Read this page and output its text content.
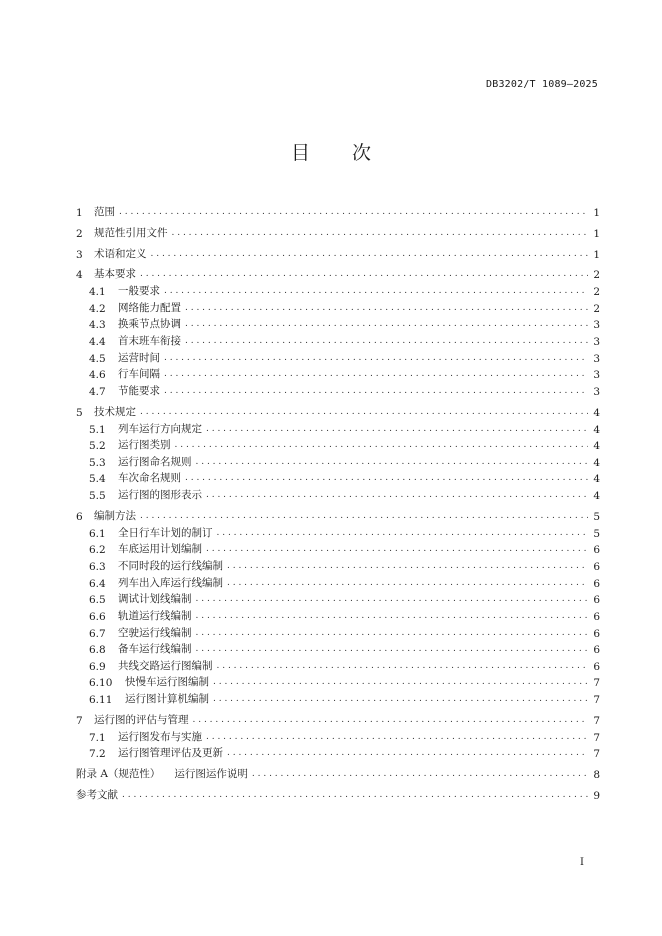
DB3202/T 1089—2025
目 次
1	范围 . . .	1
2	规范性引用文件 . . .	1
3	术语和定义 . . .	1
4	基本要求 . . .	2
4.1	一般要求 . . .	2
4.2	网络能力配置 . . .	2
4.3	换乘节点协调 . . .	3
4.4	首末班车衔接 . . .	3
4.5	运营时间 . . .	3
4.6	行车间隔 . . .	3
4.7	节能要求 . . .	3
5	技术规定 . . .	4
5.1	列车运行方向规定 . . .	4
5.2	运行图类别 . . .	4
5.3	运行图命名规则 . . .	4
5.4	车次命名规则 . . .	4
5.5	运行图的图形表示 . . .	4
6	编制方法 . . .	5
6.1	全日行车计划的制订 . . .	5
6.2	车底运用计划编制 . . .	6
6.3	不同时段的运行线编制 . . .	6
6.4	列车出入库运行线编制 . . .	6
6.5	调试计划线编制 . . .	6
6.6	轨道运行线编制 . . .	6
6.7	空驶运行线编制 . . .	6
6.8	备车运行线编制 . . .	6
6.9	共线交路运行图编制 . . .	6
6.10	快慢车运行图编制 . . .	7
6.11	运行图计算机编制 . . .	7
7	运行图的评估与管理 . . .	7
7.1	运行图发布与实施 . . .	7
7.2	运行图管理评估及更新 . . .	7
附录 A（规范性） 运行图运作说明 . . .	8
参考文献 . . .	9
I
